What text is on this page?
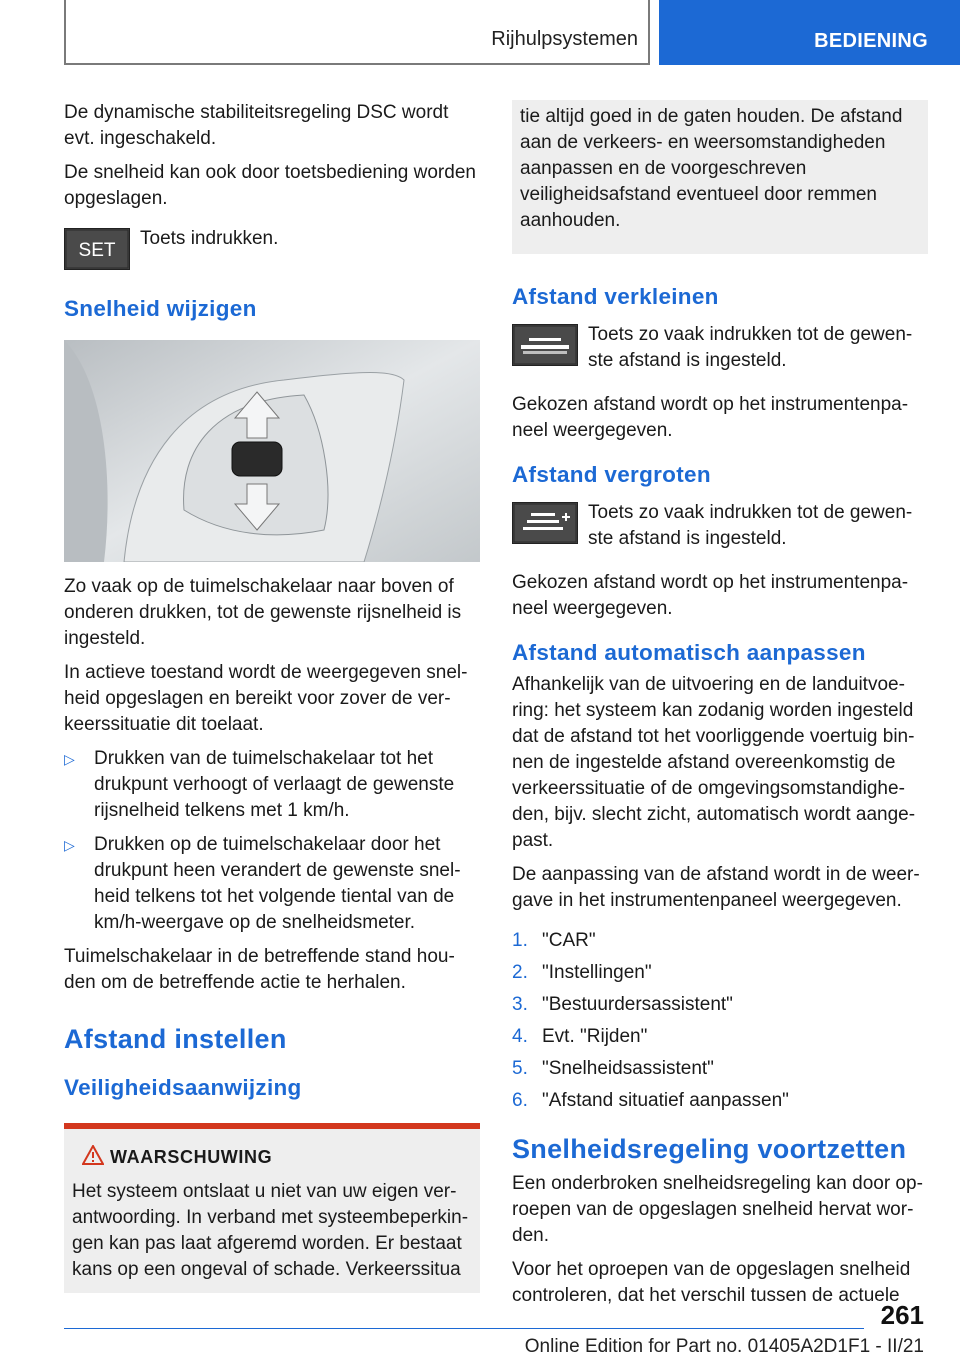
Rijhulpsystemen	BEDIENING

De dynamische stabiliteitsregeling DSC wordt evt. ingeschakeld.

De snelheid kan ook door toetsbediening worden opgeslagen.

SET
Toets indrukken.
Snelheid wijzigen

Zo vaak op de tuimelschakelaar naar boven of onderen drukken, tot de gewenste rijsnelheid is ingesteld.

In actieve toestand wordt de weergegeven snelheid opgeslagen en bereikt voor zover de verkeerssituatie dit toelaat.

▷ Drukken van de tuimelschakelaar tot het drukpunt verhoogt of verlaagt de gewenste rijsnelheid telkens met 1 km/h.
▷ Drukken op de tuimelschakelaar door het drukpunt heen verandert de gewenste snelheid telkens tot het volgende tiental van de km/h-weergave op de snelheidsmeter.

Tuimelschakelaar in de betreffende stand houden om de betreffende actie te herhalen.

Afstand instellen
Veiligheidsaanwijzing
WAARSCHUWING

Het systeem ontslaat u niet van uw eigen verantwoording. In verband met systeembeperkingen kan pas laat afgeremd worden. Er bestaat kans op een ongeval of schade. Verkeerssitua

tie altijd goed in de gaten houden. De afstand aan de verkeers- en weersomstandigheden aanpassen en de voorgeschreven veiligheidsafstand eventueel door remmen aanhouden.

Afstand verkleinen
Toets zo vaak indrukken tot de gewenste afstand is ingesteld.

Gekozen afstand wordt op het instrumentenpaneel weergegeven.

Afstand vergroten
Toets zo vaak indrukken tot de gewenste afstand is ingesteld.

Gekozen afstand wordt op het instrumentenpaneel weergegeven.

Afstand automatisch aanpassen

Afhankelijk van de uitvoering en de landuitvoering: het systeem kan zodanig worden ingesteld dat de afstand tot het voorliggende voertuig binnen de ingestelde afstand overeenkomstig de verkeerssituatie of de omgevingsomstandigheden, bijv. slecht zicht, automatisch wordt aangepast.

De aanpassing van de afstand wordt in de weergave in het instrumentenpaneel weergegeven.

1. "CAR"
2. "Instellingen"
3. "Bestuurdersassistent"
4. Evt. "Rijden"
5. "Snelheidsassistent"
6. "Afstand situatief aanpassen"
Snelheidsregeling voortzetten

Een onderbroken snelheidsregeling kan door oproepen van de opgeslagen snelheid hervat worden.

Voor het oproepen van de opgeslagen snelheid controleren, dat het verschil tussen de actuele

261
Online Edition for Part no. 01405A2D1F1 - II/21
